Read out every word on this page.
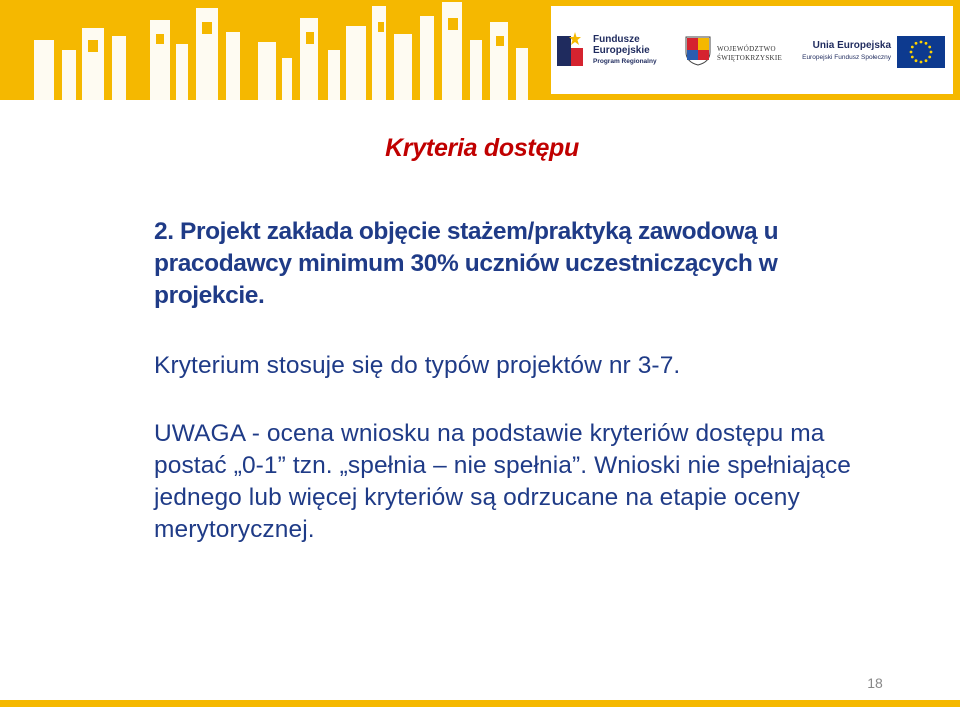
Fundusze
Europejskie
Program Regionalny
WOJEWÓDZTWO
ŚWIĘTOKRZYSKIE
Unia Europejska
Europejski Fundusz Społeczny
Kryteria dostępu

2. Projekt zakłada objęcie stażem/praktyką zawodową u pracodawcy minimum 30% uczniów uczestniczących w projekcie.

Kryterium stosuje się do typów projektów nr 3-7.

UWAGA - ocena wniosku na podstawie kryteriów dostępu ma postać „0-1” tzn. „spełnia – nie spełnia”. Wnioski nie spełniające jednego lub więcej kryteriów są odrzucane na etapie oceny merytorycznej.

18
